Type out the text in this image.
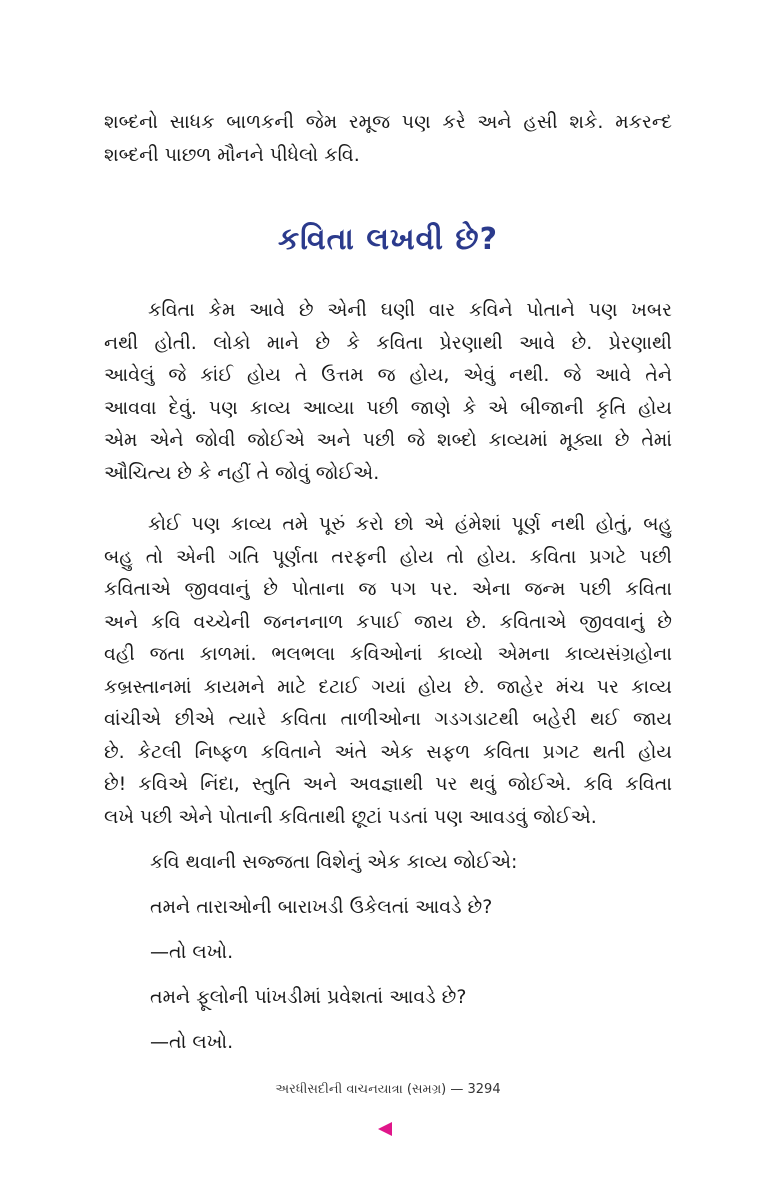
શબ્દનો સાધક બાળકની જેમ રમૂજ પણ કરે અને હસી શકે. મકરન્દ
શબ્દની પાછળ મૌનને પીધેલો કવિ.
કવિતા લખવી છે?
કવિતા કેમ આવે છે એની ઘણી વાર કવિને પોતાને પણ ખબર
નથી હોતી. લોકો માને છે કે કવિતા પ્રેરણાથી આવે છે. પ્રેરણાથી
આવેલું જે કાંઈ હોય તે ઉત્તમ જ હોય, એવું નથી. જે આવે તેને
આવવા દેવું. પણ કાવ્ય આવ્યા પછી જાણે કે એ બીજાની કૃતિ હોય
એમ એને જોવી જોઈએ અને પછી જે શબ્દો કાવ્યમાં મૂક્યા છે તેમાં
ઔચિત્ય છે કે નહીં તે જોવું જોઈએ.
કોઈ પણ કાવ્ય તમે પૂરું કરો છો એ હંમેશાં પૂર્ણ નથી હોતું, બહુ
બહુ તો એની ગતિ પૂર્ણતા તરફની હોય તો હોય. કવિતા પ્રગટે પછી
કવિતાએ જીવવાનું છે પોતાના જ પગ પર. એના જન્મ પછી કવિતા
અને કવિ વચ્ચેની જનનનાળ કપાઈ જાય છે. કવિતાએ જીવવાનું છે
વહી જતા કાળમાં. ભલભલા કવિઓનાં કાવ્યો એમના કાવ્યસંગ્રહોના
કબ્રસ્તાનમાં કાયમને માટે દટાઈ ગયાં હોય છે. જાહેર મંચ પર કાવ્ય
વાંચીએ છીએ ત્યારે કવિતા તાળીઓના ગડગડાટથી બહેરી થઈ જાય
છે. કેટલી નિષ્ફળ કવિતાને અંતે એક સફળ કવિતા પ્રગટ થતી હોય
છે! કવિએ નિંદા, સ્તુતિ અને અવજ્ઞાથી પર થવું જોઈએ. કવિ કવિતા
લખે પછી એને પોતાની કવિતાથી છૂટાં પડતાં પણ આવડવું જોઈએ.
કવિ થવાની સજ્જતા વિશેનું એક કાવ્ય જોઈએ:
તમને તારાઓની બારાખડી ઉકેલતાં આવડે છે?
—તો લખો.
તમને ફૂલોની પાંખડીમાં પ્રવેશતાં આવડે છે?
—તો લખો.
અરધીસદીની વાચનયાત્રા (સમગ્ર) — 3294
